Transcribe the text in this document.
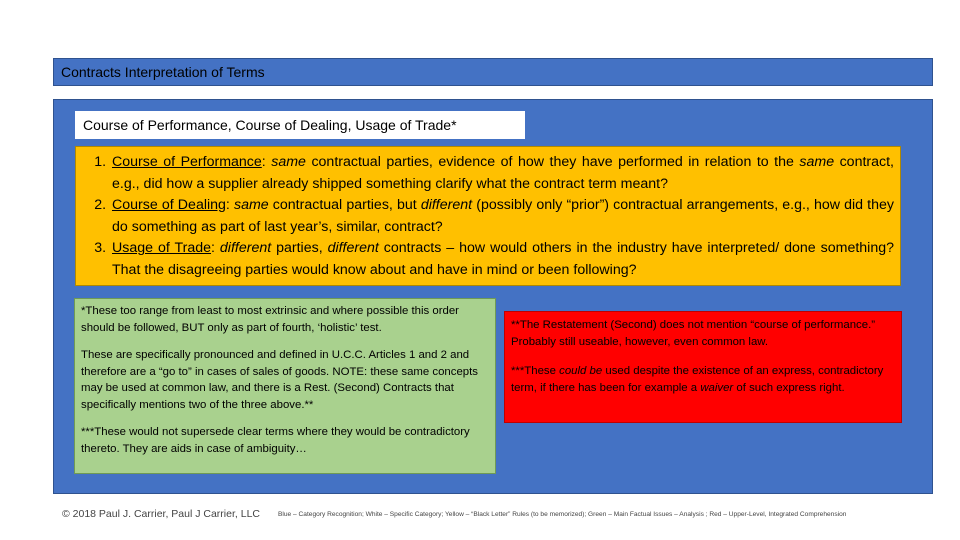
Contracts Interpretation of Terms
Course of Performance, Course of Dealing, Usage of Trade*
1. Course of Performance: same contractual parties, evidence of how they have performed in relation to the same contract, e.g., did how a supplier already shipped something clarify what the contract term meant?
2. Course of Dealing: same contractual parties, but different (possibly only “prior”) contractual arrangements, e.g., how did they do something as part of last year’s, similar, contract?
3. Usage of Trade: different parties, different contracts – how would others in the industry have interpreted/ done something? That the disagreeing parties would know about and have in mind or been following?

*These too range from least to most extrinsic and where possible this order should be followed, BUT only as part of fourth, ‘holistic’ test.

These are specifically pronounced and defined in U.C.C. Articles 1 and 2 and therefore are a “go to” in cases of sales of goods. NOTE: these same concepts may be used at common law, and there is a Rest. (Second) Contracts that specifically mentions two of the three above.**

***These would not supersede clear terms where they would be contradictory thereto. They are aids in case of ambiguity…

**The Restatement (Second) does not mention “course of performance.” Probably still useable, however, even common law.

***These could be used despite the existence of an express, contradictory term, if there has been for example a waiver of such express right.

© 2018 Paul J. Carrier, Paul J Carrier, LLC	Blue – Category Recognition; White – Specific Category; Yellow – “Black Letter” Rules (to be memorized); Green – Main Factual Issues – Analysis ; Red – Upper-Level, Integrated Comprehension
